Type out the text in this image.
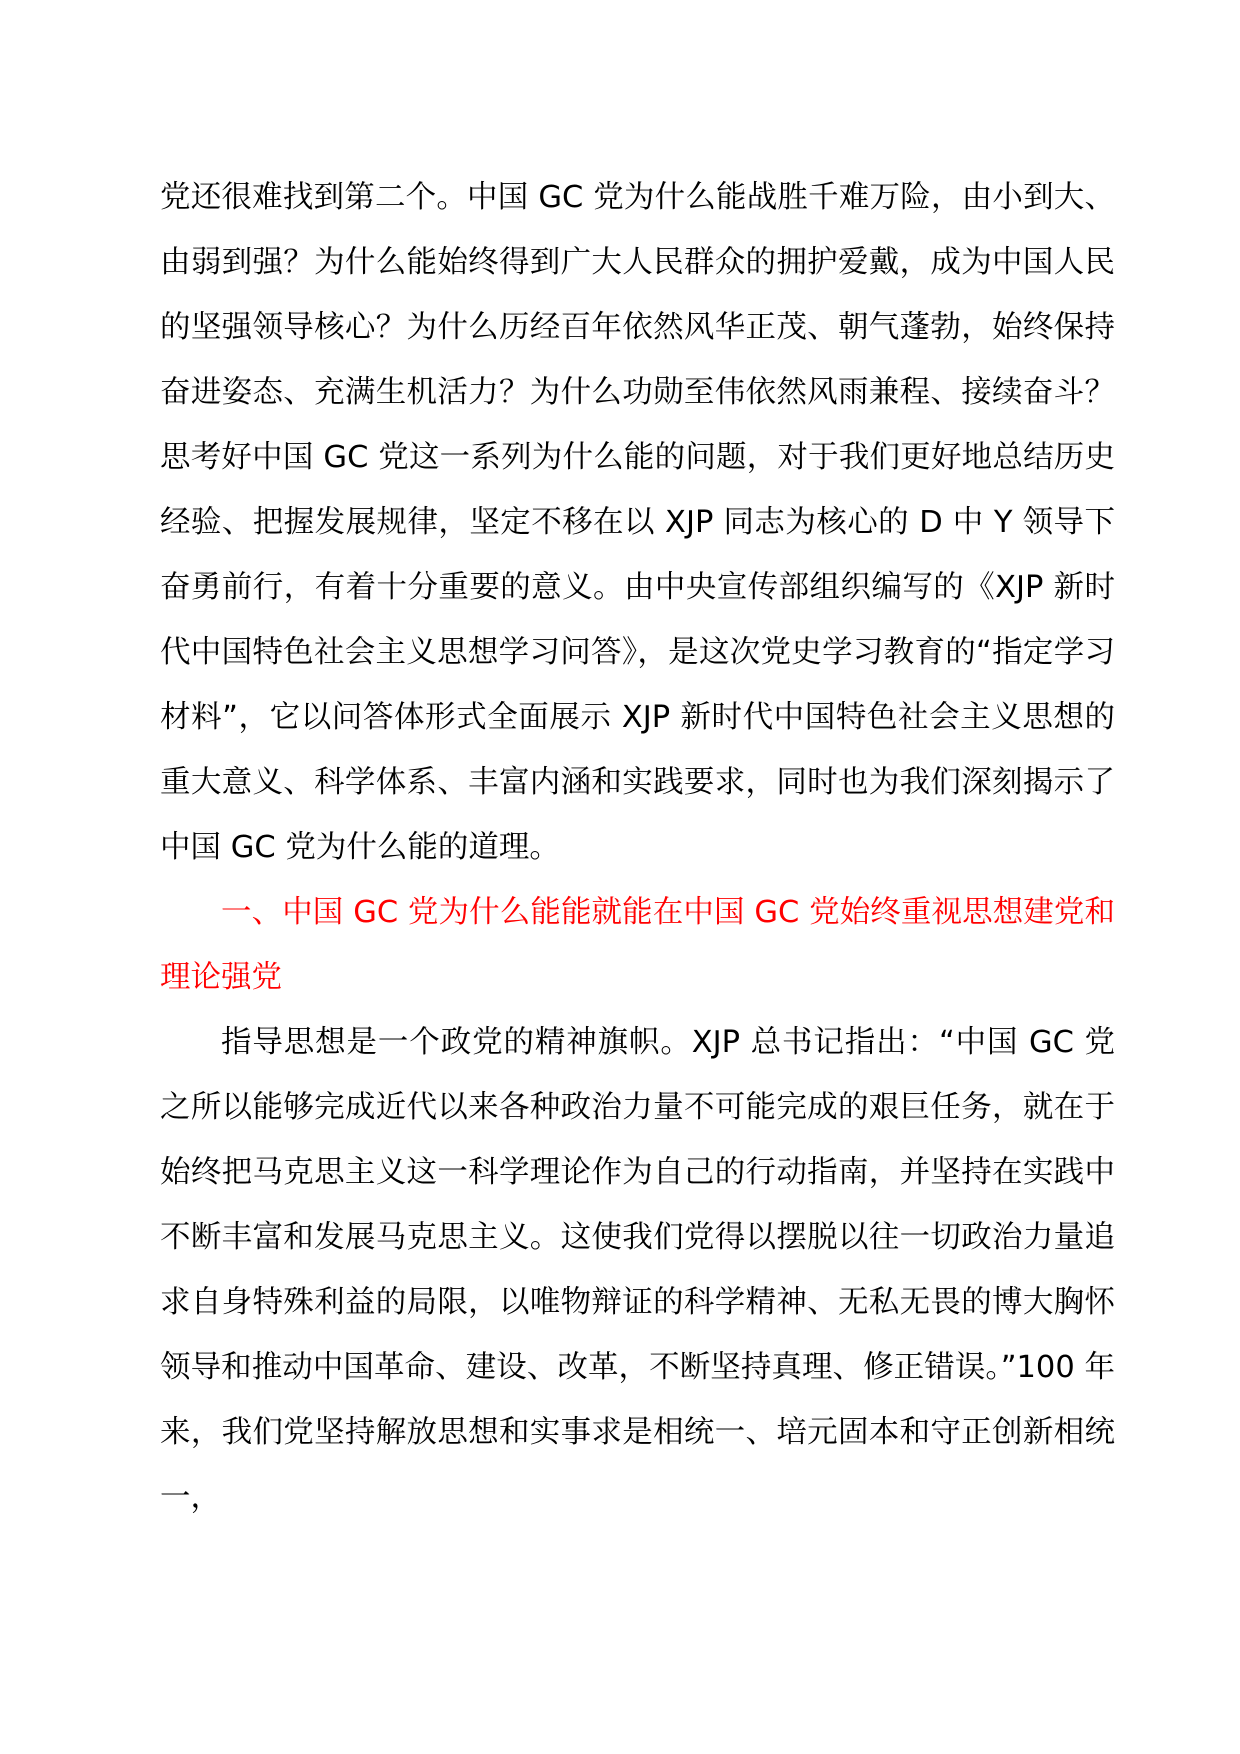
党还很难找到第二个。中国 GC 党为什么能战胜千难万险，由小到大、由弱到强？为什么能始终得到广大人民群众的拥护爱戴，成为中国人民的坚强领导核心？为什么历经百年依然风华正茂、朝气蓬勃，始终保持奋进姿态、充满生机活力？为什么功勋至伟依然风雨兼程、接续奋斗？思考好中国 GC 党这一系列为什么能的问题，对于我们更好地总结历史经验、把握发展规律，坚定不移在以 XJP 同志为核心的 D 中 Y 领导下奋勇前行，有着十分重要的意义。由中央宣传部组织编写的《XJP 新时代中国特色社会主义思想学习问答》，是这次党史学习教育的“指定学习材料”，它以问答体形式全面展示 XJP 新时代中国特色社会主义思想的重大意义、科学体系、丰富内涵和实践要求，同时也为我们深刻揭示了中国 GC 党为什么能的道理。

一、中国 GC 党为什么能能就能在中国 GC 党始终重视思想建党和理论强党

指导思想是一个政党的精神旗帜。XJP 总书记指出：“中国 GC 党之所以能够完成近代以来各种政治力量不可能完成的艰巨任务，就在于始终把马克思主义这一科学理论作为自己的行动指南，并坚持在实践中不断丰富和发展马克思主义。这使我们党得以摆脱以往一切政治力量追求自身特殊利益的局限，以唯物辩证的科学精神、无私无畏的博大胸怀领导和推动中国革命、建设、改革，不断坚持真理、修正错误。”100 年来，我们党坚持解放思想和实事求是相统一、培元固本和守正创新相统一，
